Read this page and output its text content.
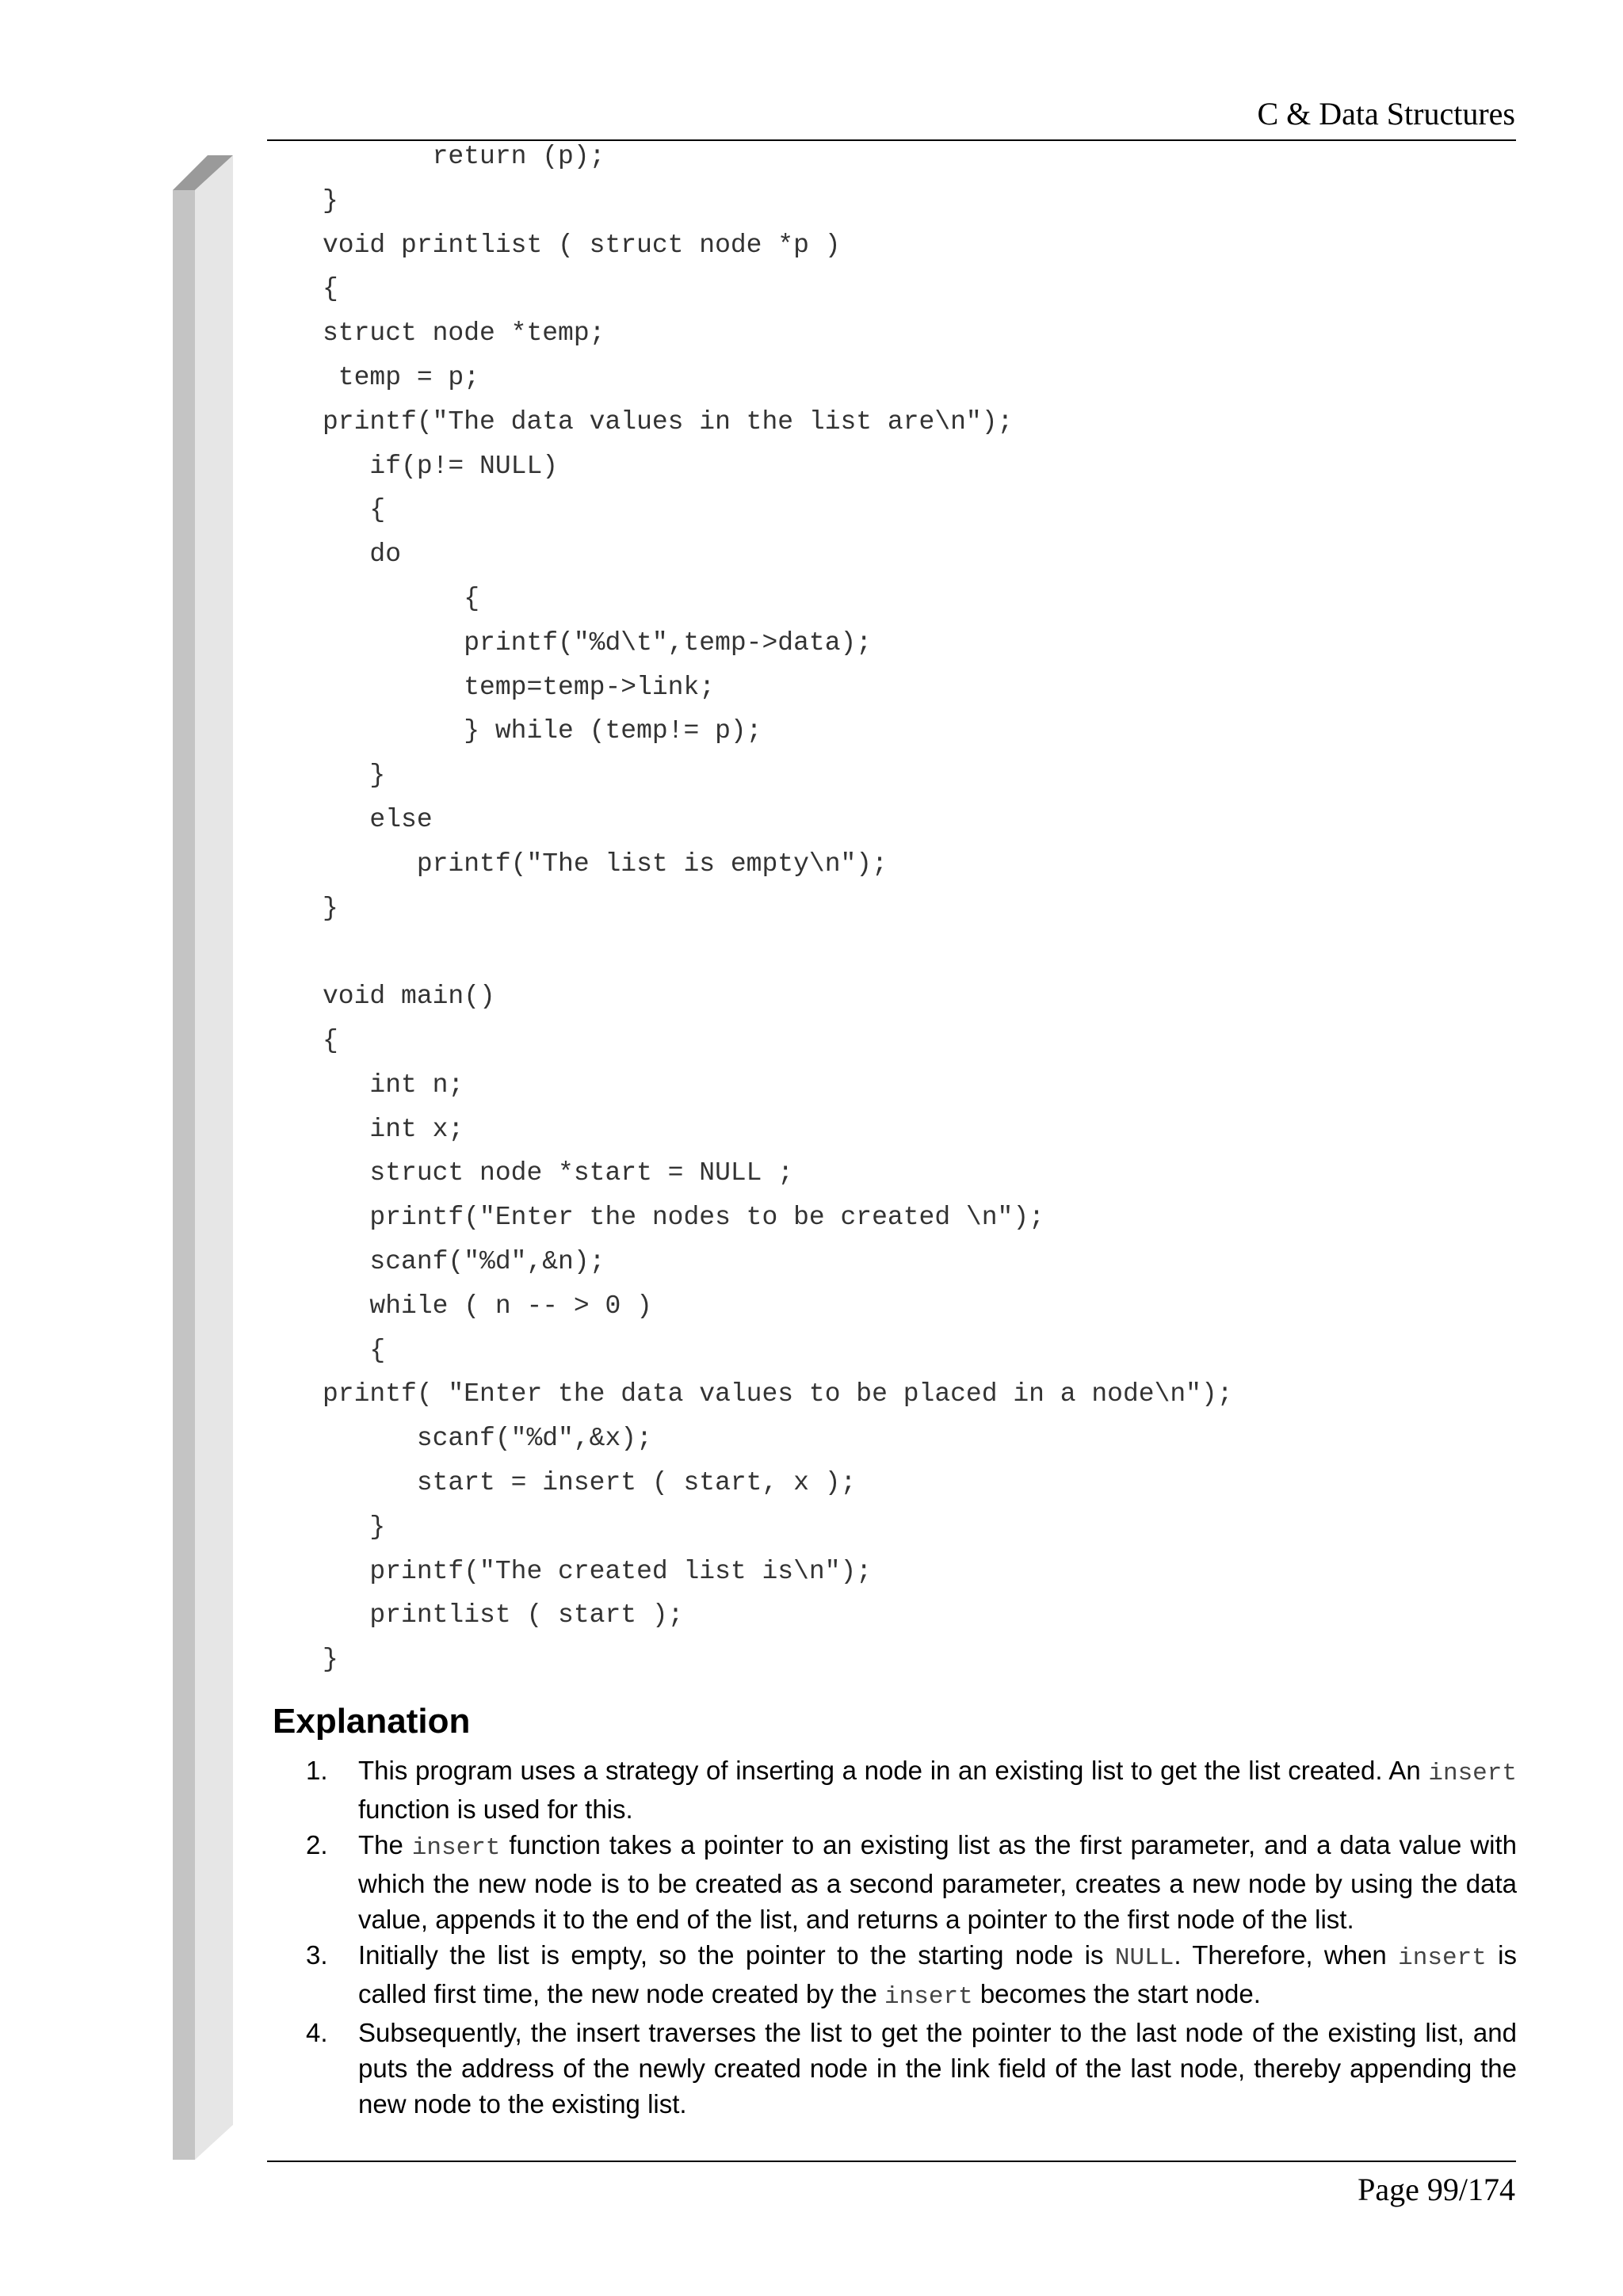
C & Data Structures
return (p);
}
void printlist ( struct node *p )
{
struct node *temp;
temp = p;
printf("The data values in the list are\n");
if(p!= NULL)
{
do
{
printf("%d\t",temp->data);
temp=temp->link;
} while (temp!= p);
}
else
printf("The list is empty\n");
}
void main()
{
int n;
int x;
struct node *start = NULL ;
printf("Enter the nodes to be created \n");
scanf("%d",&n);
while ( n -- > 0 )
{
printf( "Enter the data values to be placed in a node\n");
scanf("%d",&x);
start = insert ( start, x );
}
printf("The created list is\n");
printlist ( start );
}
Explanation
1. This program uses a strategy of inserting a node in an existing list to get the list created. An insert function is used for this.
2. The insert function takes a pointer to an existing list as the first parameter, and a data value with which the new node is to be created as a second parameter, creates a new node by using the data value, appends it to the end of the list, and returns a pointer to the first node of the list.
3. Initially the list is empty, so the pointer to the starting node is NULL. Therefore, when insert is called first time, the new node created by the insert becomes the start node.
4. Subsequently, the insert traverses the list to get the pointer to the last node of the existing list, and puts the address of the newly created node in the link field of the last node, thereby appending the new node to the existing list.
Page 99/174
